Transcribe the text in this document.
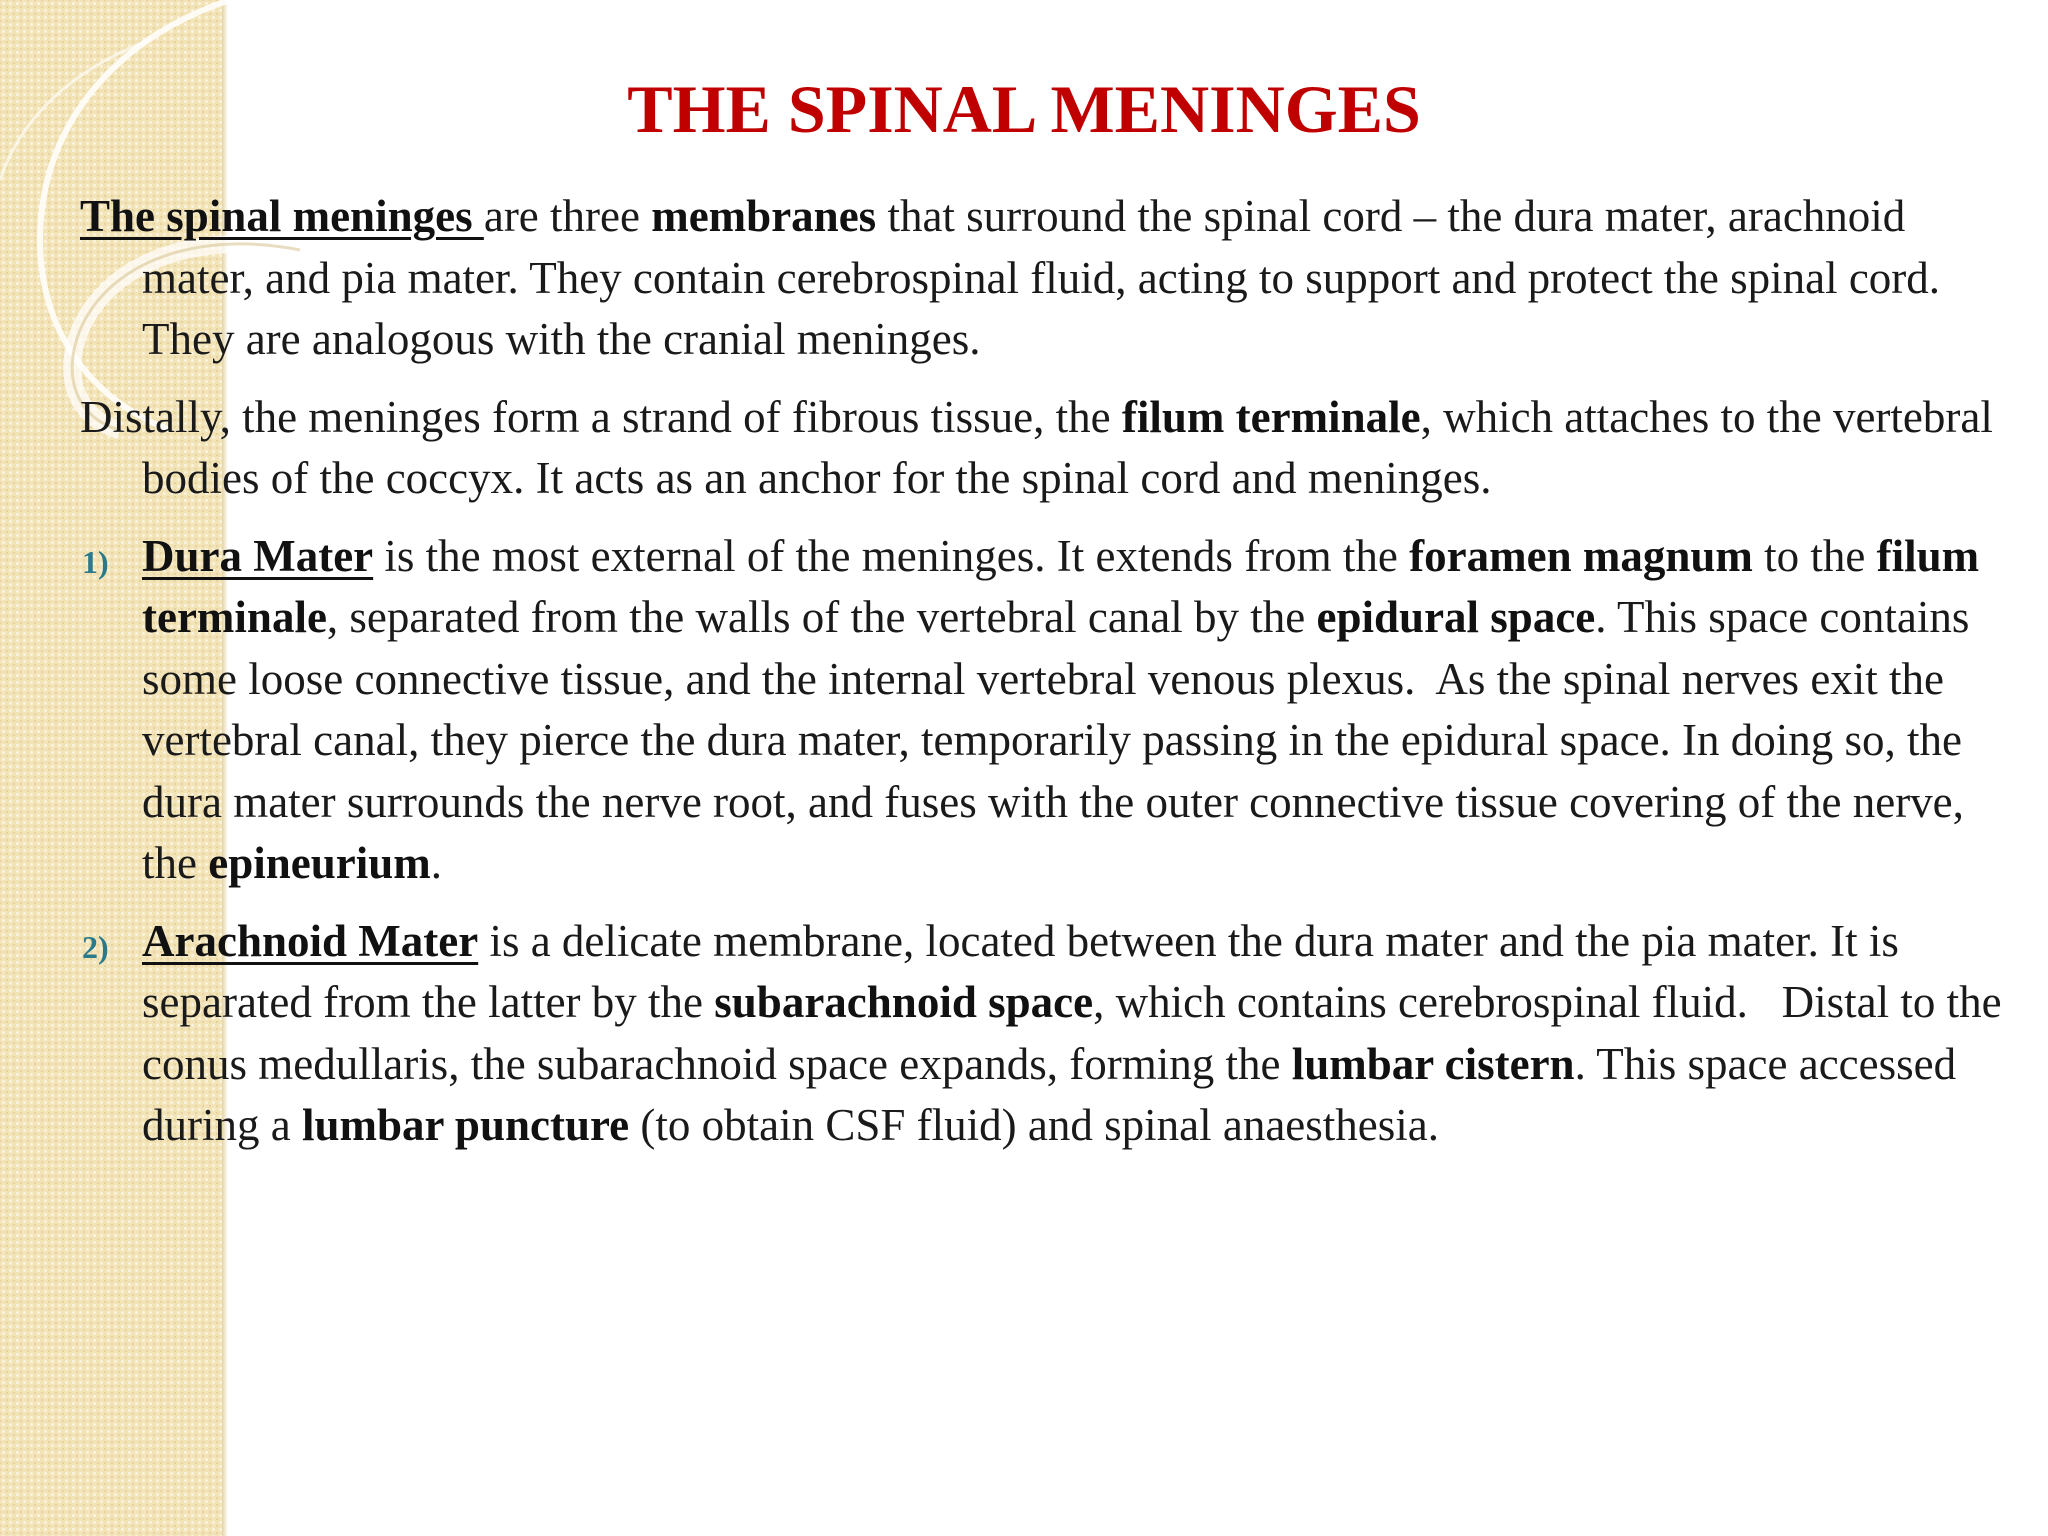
THE SPINAL MENINGES

The spinal meninges are three membranes that surround the spinal cord – the dura mater, arachnoid mater, and pia mater. They contain cerebrospinal fluid, acting to support and protect the spinal cord. They are analogous with the cranial meninges.

Distally, the meninges form a strand of fibrous tissue, the filum terminale, which attaches to the vertebral bodies of the coccyx. It acts as an anchor for the spinal cord and meninges.

1) Dura Mater is the most external of the meninges. It extends from the foramen magnum to the filum terminale, separated from the walls of the vertebral canal by the epidural space. This space contains some loose connective tissue, and the internal vertebral venous plexus.  As the spinal nerves exit the vertebral canal, they pierce the dura mater, temporarily passing in the epidural space. In doing so, the dura mater surrounds the nerve root, and fuses with the outer connective tissue covering of the nerve, the epineurium.
2) Arachnoid Mater is a delicate membrane, located between the dura mater and the pia mater. It is separated from the latter by the subarachnoid space, which contains cerebrospinal fluid.   Distal to the conus medullaris, the subarachnoid space expands, forming the lumbar cistern. This space accessed during a lumbar puncture (to obtain CSF fluid) and spinal anaesthesia.
